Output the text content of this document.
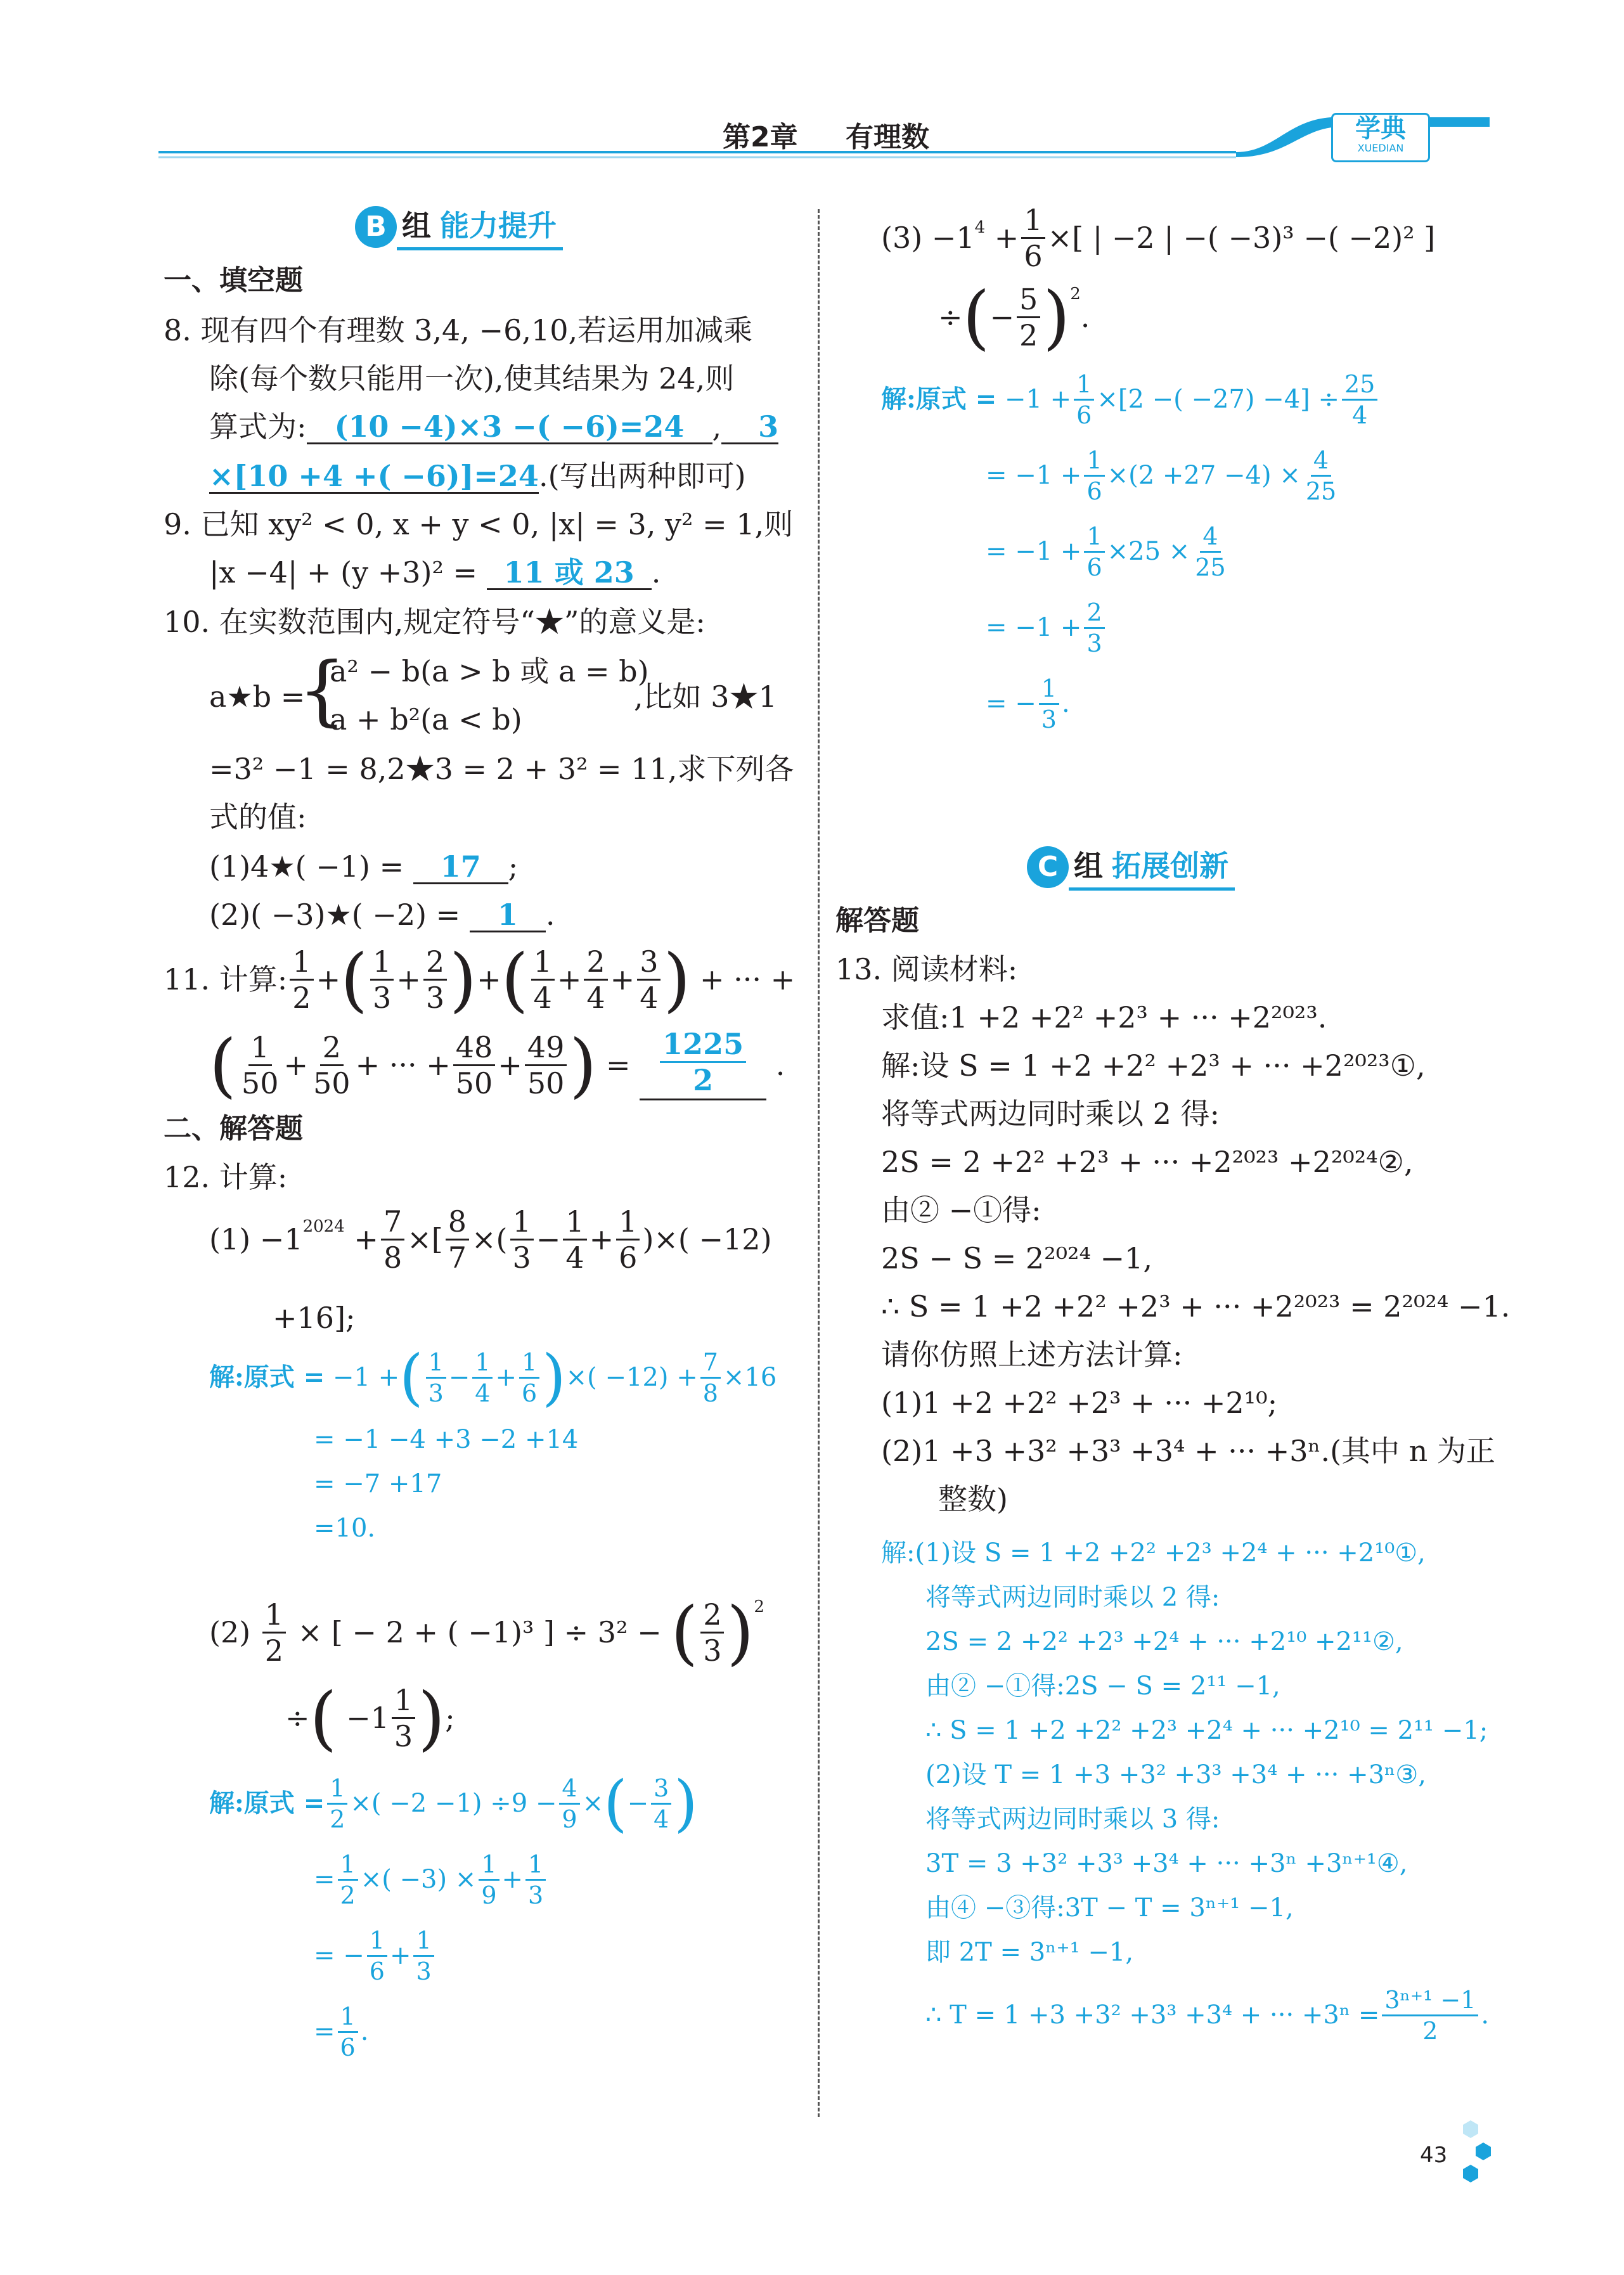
第2章 有理数	学典
XUEDIAN
B 组 能力提升
一、填空题
8. 现有四个有理数 3,4, −6,10,若运用加减乘
除(每个数只能用一次),使其结果为 24,则
算式为: (10 −4)×3 −( −6)=24 , 3
×[10 +4 +( −6)]=24.(写出两种即可)
9. 已知 xy² < 0, x + y < 0, |x| = 3, y² = 1,则
|x −4| + (y +3)² = 11 或 23 .
10. 在实数范围内,规定符号“★”的意义是:
a★b =
{
a² − b(a > b 或 a = b)
a + b²(a < b)
,比如 3★1
=3² −1 = 8,2★3 = 2 + 3² = 11,求下列各
式的值:
(1)4★( −1) = 17 ;
(2)( −3)★( −2) = 1 .
11. 计算: $\frac{1}{2}$ + ( $\frac{1}{3} + \frac{2}{3}$ ) + ( $\frac{1}{4} + \frac{2}{4} + \frac{3}{4}$ ) + ··· +
( $\frac{1}{50} + \frac{2}{50}$ + ··· + $\frac{48}{50} + \frac{49}{50}$ ) = $\frac{1225}{2}$ .
二、解答题
12. 计算:
$(1) -1^{2024} + \frac{7}{8}$ ×[ $\frac{8}{7}$ ×( $\frac{1}{3} - \frac{1}{4} + \frac{1}{6}$ )×( −12)
+16];
解:原式 = −1 + ( $\frac{1}{3} - \frac{1}{4} + \frac{1}{6}$ ) ×( $-12) + \frac{7}{8} \times 16$
= −1 −4 +3 −2 +14
= −7 +17
=10.
(2)
$\frac{1}{2}$ × [ − 2 + ( −1)³ ] ÷ 3² − ( $\frac{2}{3} )^2$
÷ ( $-1 \frac{1}{3}$ ) ;
解:原式 = $\frac{1}{2}$ ×( $-2 -1) \div 9 - \frac{4}{9}$ × ( − $\frac{3}{4}$ )
= $\frac{1}{2}$ ×( $-3) \times \frac{1}{9} + \frac{1}{3}$
= − $\frac{1}{6} + \frac{1}{3}$
= $\frac{1}{6}$ .
$(3) -1^4 + \frac{1}{6}$ ×[ | −2 | −( −3)³ −( −2)² ]
÷ ( − $\frac{5}{2} )^2$
.
解:原式 = $-1 + \frac{1}{6} \times[2$ −( $-27) -4] \div \frac{25}{4}$
= $-1 + \frac{1}{6} \times(2 +27 -4) \times \frac{4}{25}$
= $-1 + \frac{1}{6} \times 25 \times \frac{4}{25}$
= $-1 + \frac{2}{3}$
= − $\frac{1}{3}$ .
C 组 拓展创新
解答题
13. 阅读材料:
求值:1 +2 +2² +2³ + ··· +2²⁰²³.
解:设 S = 1 +2 +2² +2³ + ··· +2²⁰²³①,
将等式两边同时乘以 2 得:
2S = 2 +2² +2³ + ··· +2²⁰²³ +2²⁰²⁴②,
由② −①得:
2S − S = 2²⁰²⁴ −1,
∴ S = 1 +2 +2² +2³ + ··· +2²⁰²³ = 2²⁰²⁴ −1.
请你仿照上述方法计算:
(1)1 +2 +2² +2³ + ··· +2¹⁰;
(2)1 +3 +3² +3³ +3⁴ + ··· +3ⁿ.(其中 n 为正
整数)
解:(1)设 S = 1 +2 +2² +2³ +2⁴ + ··· +2¹⁰①,
将等式两边同时乘以 2 得:
2S = 2 +2² +2³ +2⁴ + ··· +2¹⁰ +2¹¹②,
由② −①得:2S − S = 2¹¹ −1,
∴ S = 1 +2 +2² +2³ +2⁴ + ··· +2¹⁰ = 2¹¹ −1;
(2)设 T = 1 +3 +3² +3³ +3⁴ + ··· +3ⁿ③,
将等式两边同时乘以 3 得:
3T = 3 +3² +3³ +3⁴ + ··· +3ⁿ +3ⁿ⁺¹④,
由④ −③得:3T − T = 3ⁿ⁺¹ −1,
即 2T = 3ⁿ⁺¹ −1,
∴ T = 1 +3 +3² +3³ +3⁴ + ··· $+3^n = \frac{\text{3ⁿ⁺¹ −1}}{2}$ .
43
